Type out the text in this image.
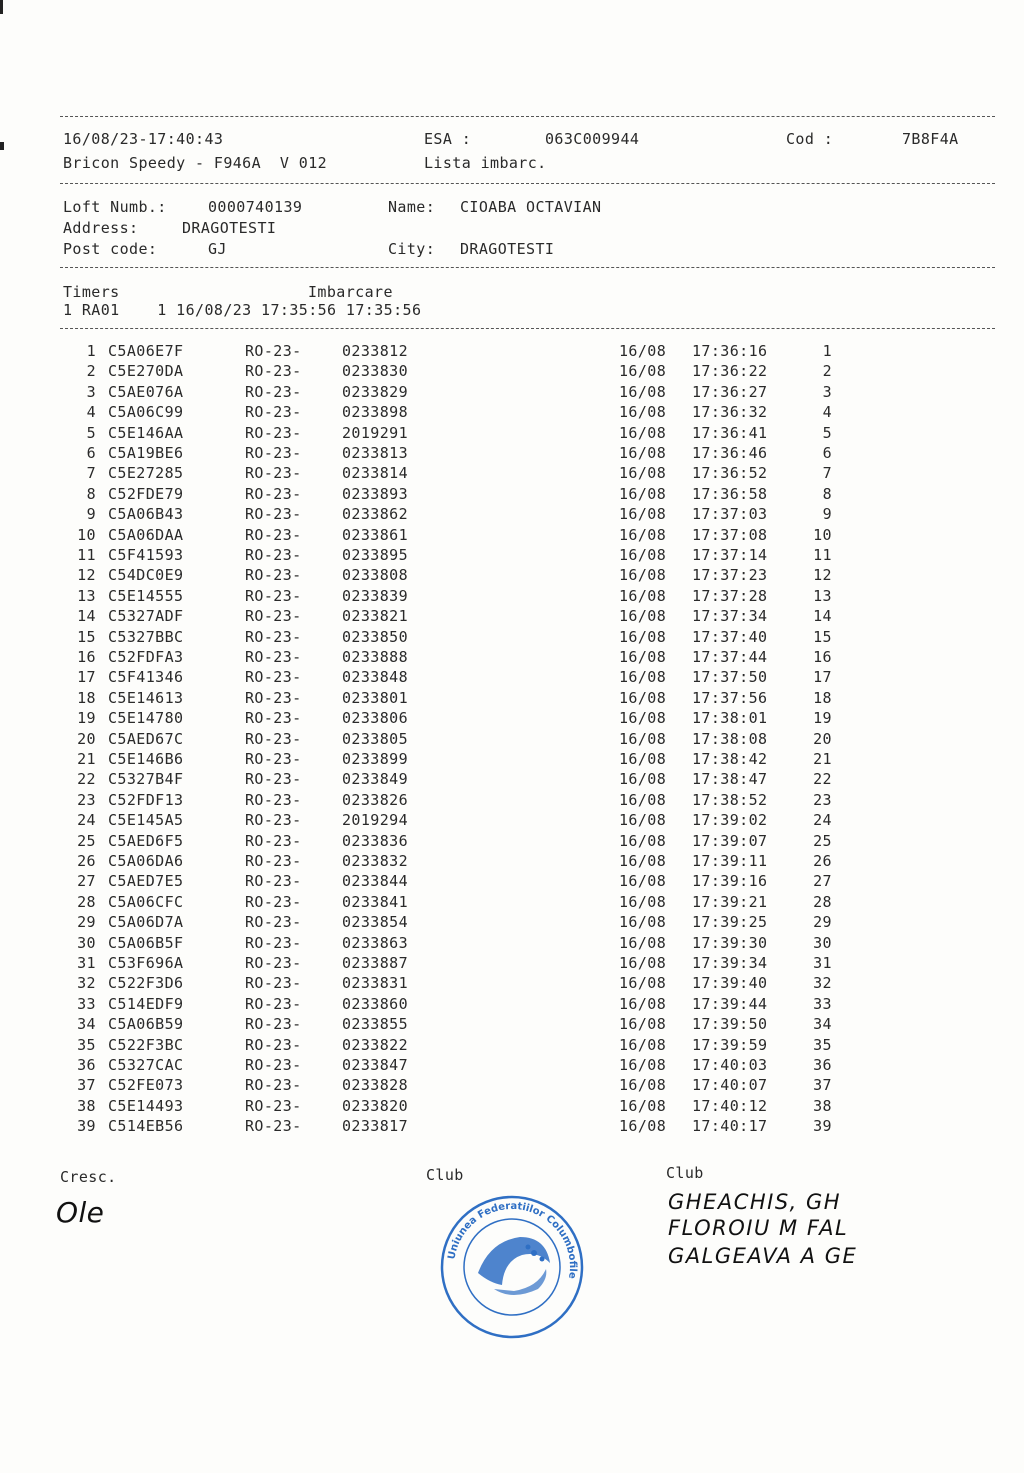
16/08/23-17:40:43	ESA :	063C009944	Cod :	7B8F4A
Bricon Speedy - F946A  V 012	Lista imbarc.
Loft Numb.:	0000740139	Name: CIOABA OCTAVIAN
Address:	DRAGOTESTI
Post code:	GJ	City: DRAGOTESTI
Timers	Imbarcare
1 RA01    1 16/08/23 17:35:56 17:35:56
1 C5A06E7F	RO-23-	0233812	16/08 17:36:16	1
2 C5E270DA	RO-23-	0233830	16/08 17:36:22	2
3 C5AE076A	RO-23-	0233829	16/08 17:36:27	3
4 C5A06C99	RO-23-	0233898	16/08 17:36:32	4
5 C5E146AA	RO-23-	2019291	16/08 17:36:41	5
6 C5A19BE6	RO-23-	0233813	16/08 17:36:46	6
7 C5E27285	RO-23-	0233814	16/08 17:36:52	7
8 C52FDE79	RO-23-	0233893	16/08 17:36:58	8
9 C5A06B43	RO-23-	0233862	16/08 17:37:03	9
10 C5A06DAA	RO-23-	0233861	16/08 17:37:08	10
11 C5F41593	RO-23-	0233895	16/08 17:37:14	11
12 C54DC0E9	RO-23-	0233808	16/08 17:37:23	12
13 C5E14555	RO-23-	0233839	16/08 17:37:28	13
14 C5327ADF	RO-23-	0233821	16/08 17:37:34	14
15 C5327BBC	RO-23-	0233850	16/08 17:37:40	15
16 C52FDFA3	RO-23-	0233888	16/08 17:37:44	16
17 C5F41346	RO-23-	0233848	16/08 17:37:50	17
18 C5E14613	RO-23-	0233801	16/08 17:37:56	18
19 C5E14780	RO-23-	0233806	16/08 17:38:01	19
20 C5AED67C	RO-23-	0233805	16/08 17:38:08	20
21 C5E146B6	RO-23-	0233899	16/08 17:38:42	21
22 C5327B4F	RO-23-	0233849	16/08 17:38:47	22
23 C52FDF13	RO-23-	0233826	16/08 17:38:52	23
24 C5E145A5	RO-23-	2019294	16/08 17:39:02	24
25 C5AED6F5	RO-23-	0233836	16/08 17:39:07	25
26 C5A06DA6	RO-23-	0233832	16/08 17:39:11	26
27 C5AED7E5	RO-23-	0233844	16/08 17:39:16	27
28 C5A06CFC	RO-23-	0233841	16/08 17:39:21	28
29 C5A06D7A	RO-23-	0233854	16/08 17:39:25	29
30 C5A06B5F	RO-23-	0233863	16/08 17:39:30	30
31 C53F696A	RO-23-	0233887	16/08 17:39:34	31
32 C522F3D6	RO-23-	0233831	16/08 17:39:40	32
33 C514EDF9	RO-23-	0233860	16/08 17:39:44	33
34 C5A06B59	RO-23-	0233855	16/08 17:39:50	34
35 C522F3BC	RO-23-	0233822	16/08 17:39:59	35
36 C5327CAC	RO-23-	0233847	16/08 17:40:03	36
37 C52FE073	RO-23-	0233828	16/08 17:40:07	37
38 C5E14493	RO-23-	0233820	16/08 17:40:12	38
39 C514EB56	RO-23-	0233817	16/08 17:40:17	39
Cresc.	Club	Club
Ole	GHEACHIS, GH
FLOROIU M FAL
GALGEAVA A GE
Uniunea Federatiilor Columbofile
